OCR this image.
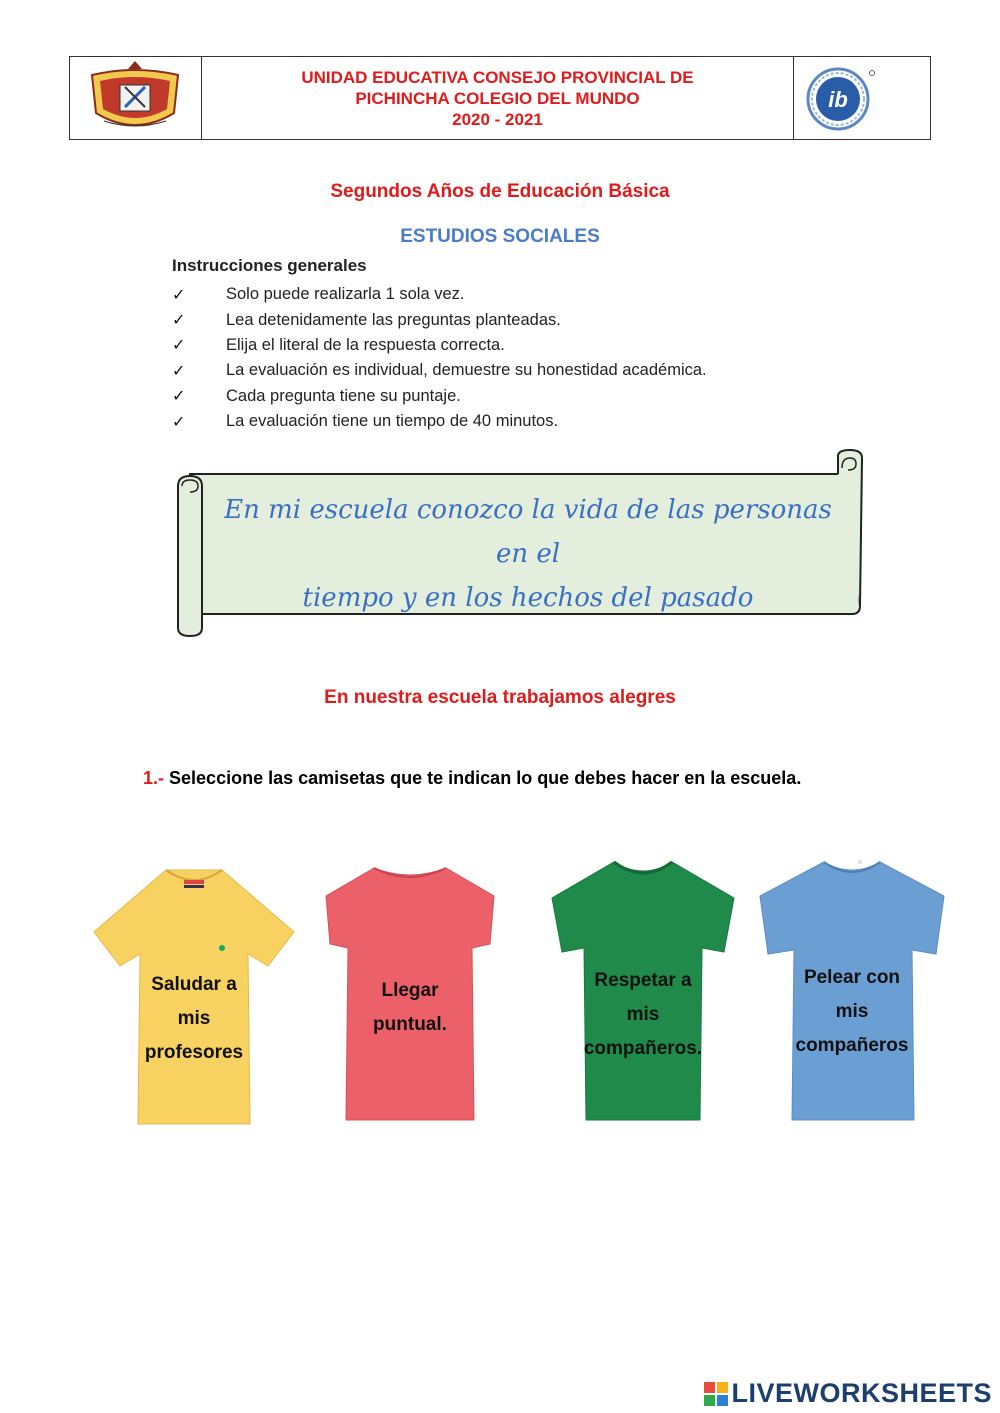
UNIDAD EDUCATIVA CONSEJO PROVINCIAL DE
PICHINCHA COLEGIO DEL MUNDO
2020 - 2021
ib
Segundos Años de Educación Básica
ESTUDIOS SOCIALES
Instrucciones generales
✓	Solo puede realizarla 1 sola vez.
✓	Lea detenidamente las preguntas planteadas.
✓	Elija el literal de la respuesta correcta.
✓	La evaluación es individual, demuestre su honestidad académica.
✓	Cada pregunta tiene su puntaje.
✓	La evaluación tiene un tiempo de 40 minutos.
En mi escuela conozco la vida de las personas en el
tiempo y en los hechos del pasado
En nuestra escuela trabajamos alegres
1.- Seleccione las camisetas que te indican lo que debes hacer en la escuela.
Saludar a
mis
profesores
Llegar
puntual.
Respetar a
mis
compañeros.
Pelear con
mis
compañeros
LIVEWORKSHEETS
